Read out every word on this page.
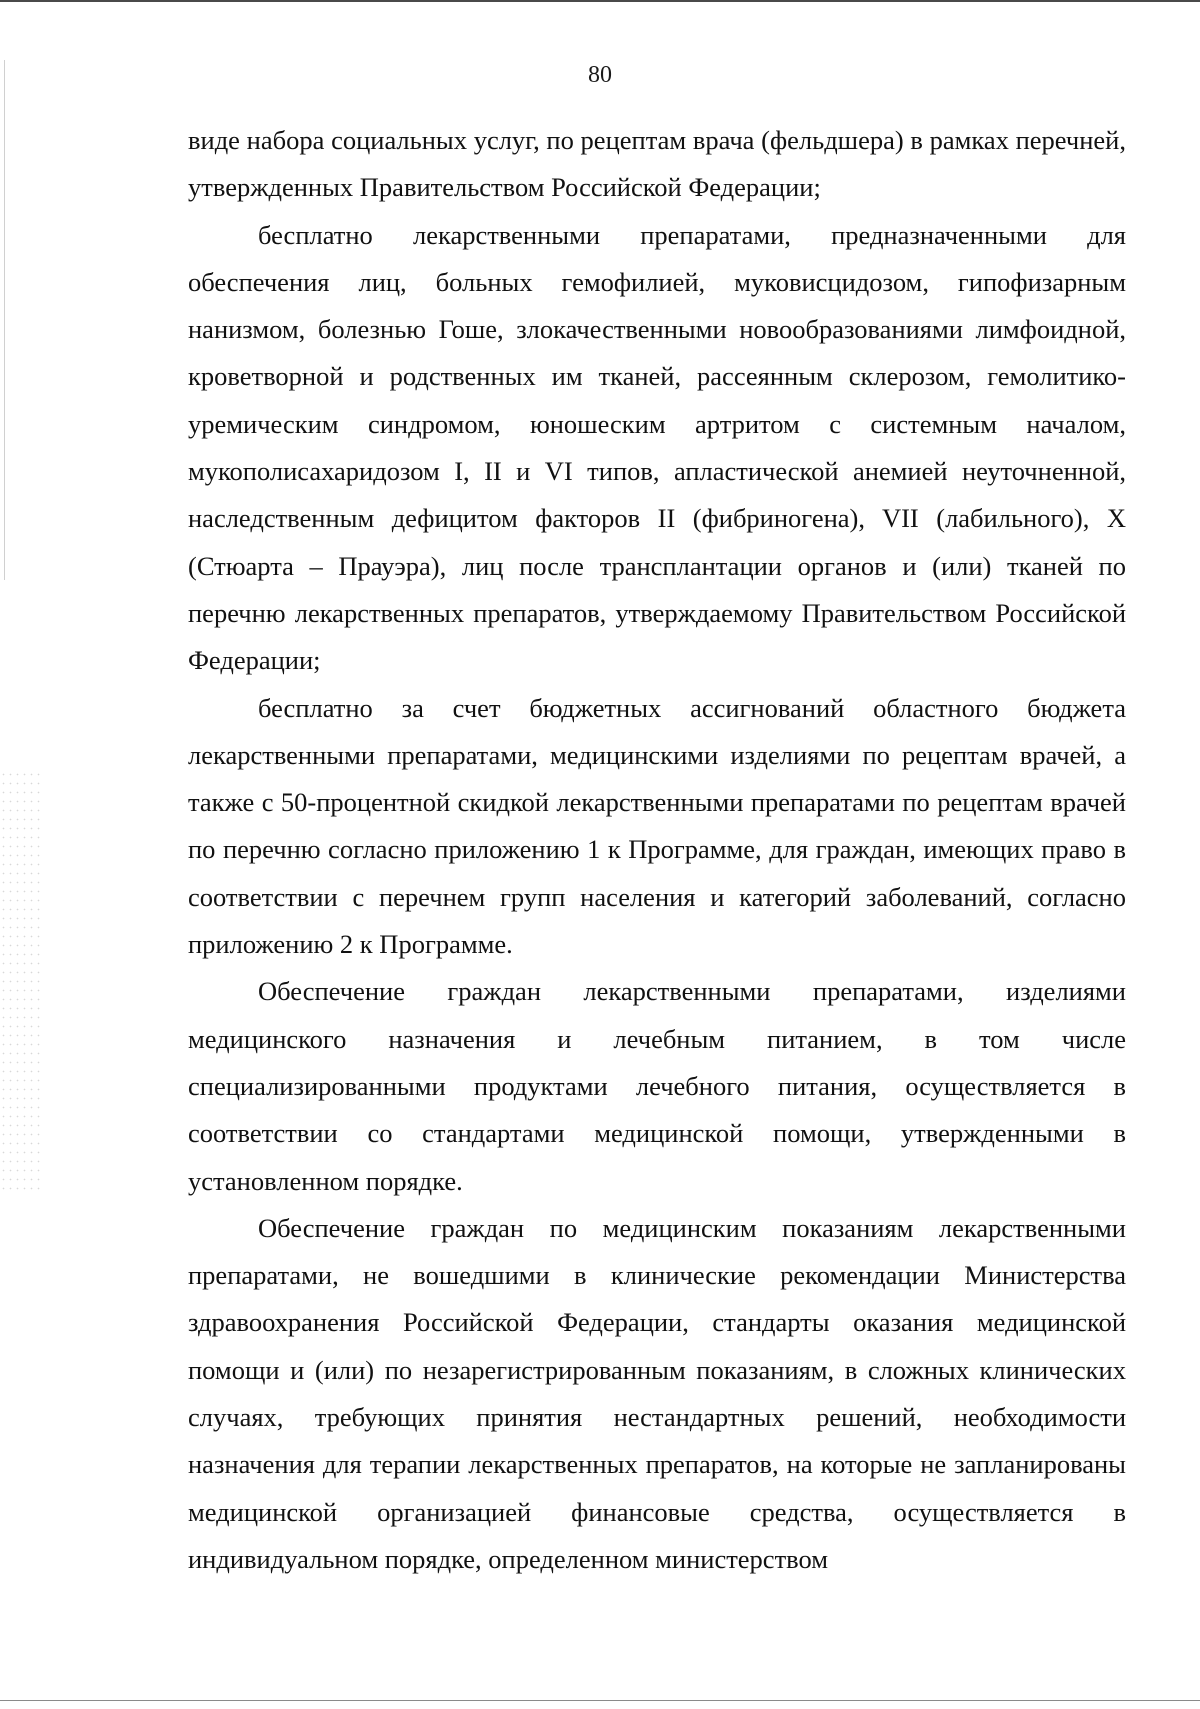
80

виде набора социальных услуг, по рецептам врача (фельдшера) в рамках перечней, утвержденных Правительством Российской Федерации;

бесплатно лекарственными препаратами, предназначенными для обеспечения лиц, больных гемофилией, муковисцидозом, гипофизарным нанизмом, болезнью Гоше, злокачественными новообразованиями лимфоидной, кроветворной и родственных им тканей, рассеянным склерозом, гемолитико-уремическим синдромом, юношеским артритом с системным началом, мукополисахаридозом I, II и VI типов, апластической анемией неуточненной, наследственным дефицитом факторов II (фибриногена), VII (лабильного), X (Стюарта – Прауэра), лиц после трансплантации органов и (или) тканей по перечню лекарственных препаратов, утверждаемому Правительством Российской Федерации;

бесплатно за счет бюджетных ассигнований областного бюджета лекарственными препаратами, медицинскими изделиями по рецептам врачей, а также с 50-процентной скидкой лекарственными препаратами по рецептам врачей по перечню согласно приложению 1 к Программе, для граждан, имеющих право в соответствии с перечнем групп населения и категорий заболеваний, согласно приложению 2 к Программе.

Обеспечение граждан лекарственными препаратами, изделиями медицинского назначения и лечебным питанием, в том числе специализированными продуктами лечебного питания, осуществляется в соответствии со стандартами медицинской помощи, утвержденными в установленном порядке.

Обеспечение граждан по медицинским показаниям лекарственными препаратами, не вошедшими в клинические рекомендации Министерства здравоохранения Российской Федерации, стандарты оказания медицинской помощи и (или) по незарегистрированным показаниям, в сложных клинических случаях, требующих принятия нестандартных решений, необходимости назначения для терапии лекарственных препаратов, на которые не запланированы медицинской организацией финансовые средства, осуществляется в индивидуальном порядке, определенном министерством
